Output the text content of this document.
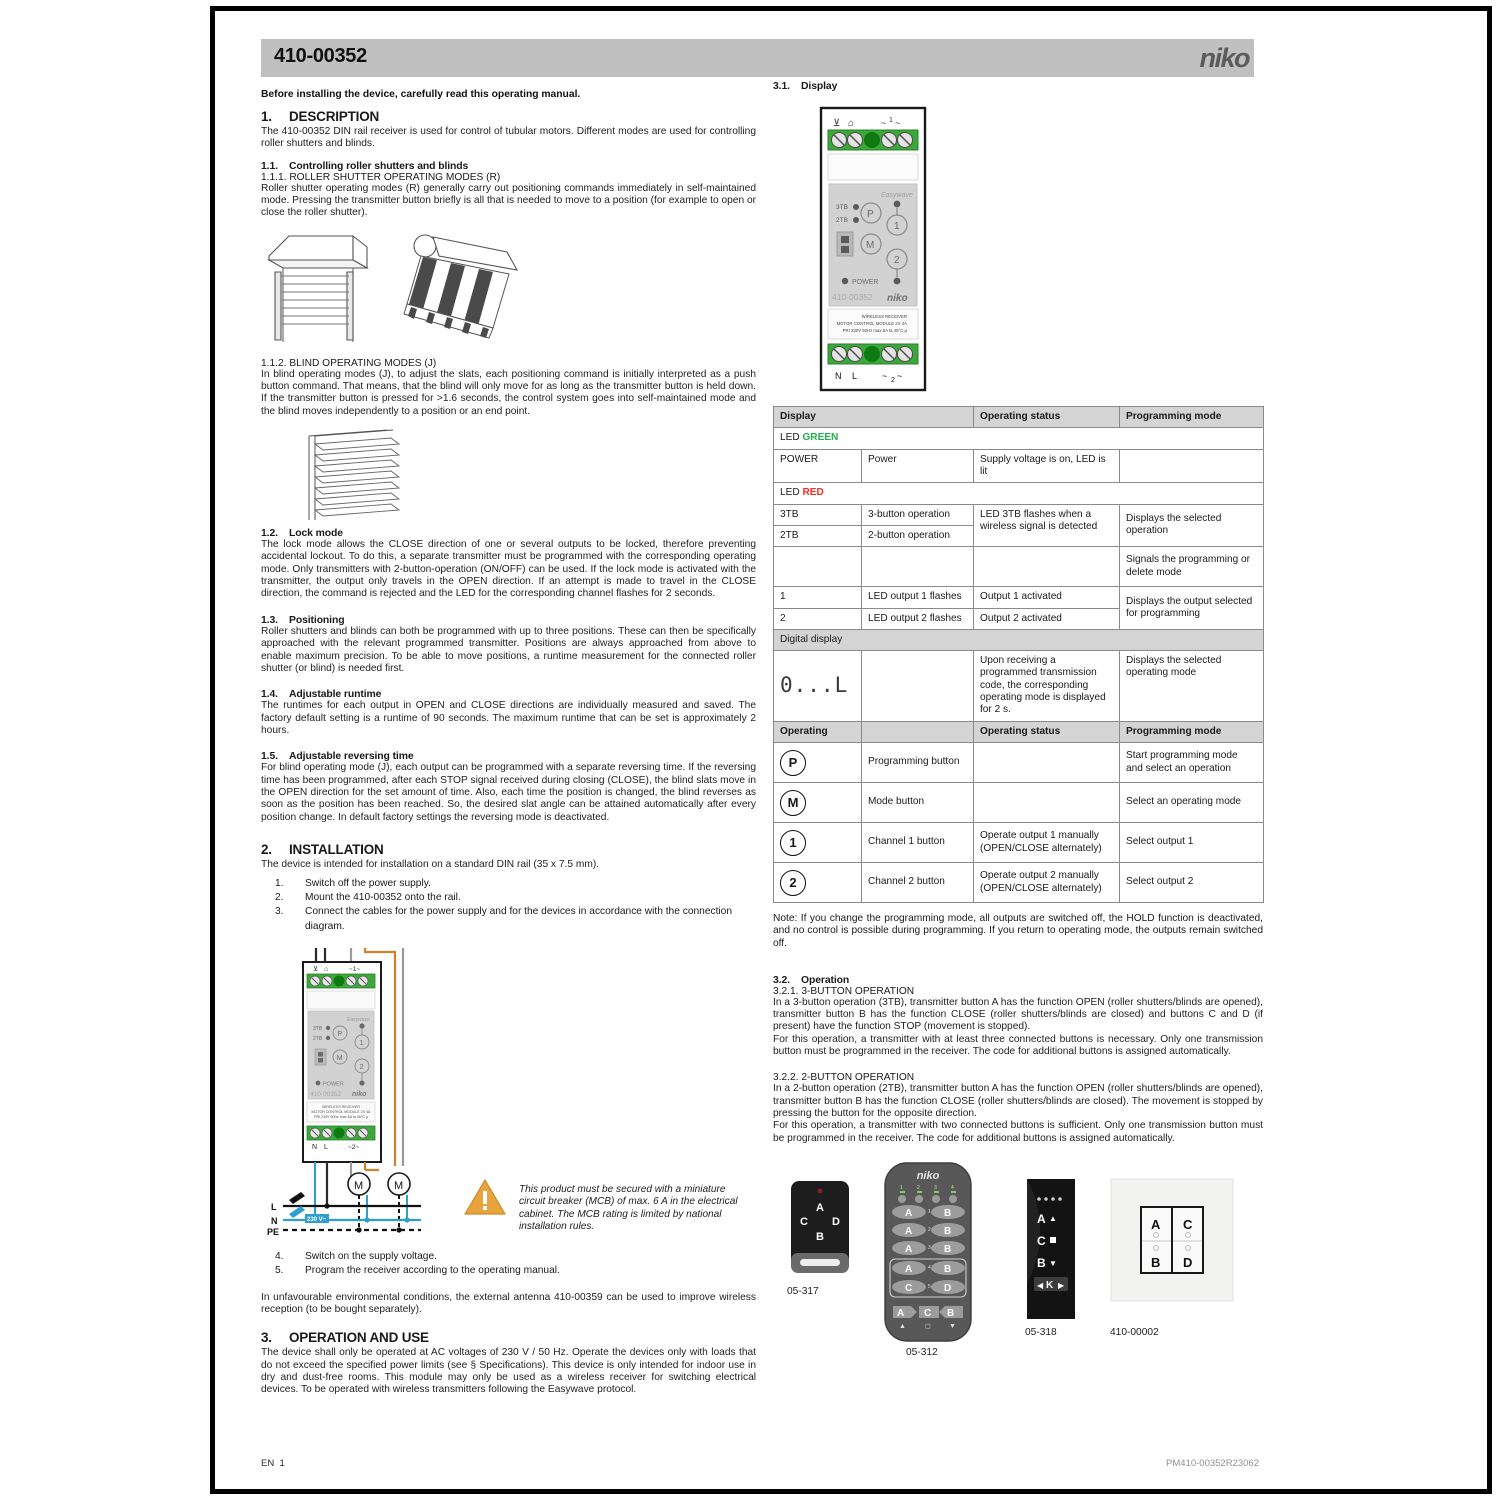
410-00352	niko
Before installing the device, carefully read this operating manual.
1. DESCRIPTION

The 410-00352 DIN rail receiver is used for control of tubular motors. Different modes are used for controlling roller shutters and blinds.

1.1. Controlling roller shutters and blinds

1.1.1. ROLLER SHUTTER OPERATING MODES (R)

Roller shutter operating modes (R) generally carry out positioning commands immediately in self-maintained mode. Pressing the transmitter button briefly is all that is needed to move to a position (for example to open or close the roller shutter).

1.1.2. BLIND OPERATING MODES (J)

In blind operating modes (J), to adjust the slats, each positioning command is initially interpreted as a push button command. That means, that the blind will only move for as long as the transmitter button is held down. If the transmitter button is pressed for >1.6 seconds, the control system goes into self-maintained mode and the blind moves independently to a position or an end point.

1.2. Lock mode

The lock mode allows the CLOSE direction of one or several outputs to be locked, therefore preventing accidental lockout. To do this, a separate transmitter must be programmed with the corresponding operating mode. Only transmitters with 2-button-operation (ON/OFF) can be used. If the lock mode is activated with the transmitter, the output only travels in the OPEN direction. If an attempt is made to travel in the CLOSE direction, the command is rejected and the LED for the corresponding channel flashes for 2 seconds.

1.3. Positioning

Roller shutters and blinds can both be programmed with up to three positions. These can then be specifically approached with the relevant programmed transmitter. Positions are always approached from above to enable maximum precision. To be able to move positions, a runtime measurement for the connected roller shutter (or blind) is needed first.

1.4. Adjustable runtime

The runtimes for each output in OPEN and CLOSE directions are individually measured and saved. The factory default setting is a runtime of 90 seconds. The maximum runtime that can be set is approximately 2 hours.

1.5. Adjustable reversing time

For blind operating mode (J), each output can be programmed with a separate reversing time. If the reversing time has been programmed, after each STOP signal received during closing (CLOSE), the blind slats move in the OPEN direction for the set amount of time. Also, each time the position is changed, the blind reverses as soon as the position has been reached. So, the desired slat angle can be attained automatically after every position change. In default factory settings the reversing mode is deactivated.

2. INSTALLATION

The device is intended for installation on a standard DIN rail (35 x 7.5 mm).

1.	Switch off the power supply.
2.	Mount the 410-00352 onto the rail.
3.	Connect the cables for the power supply and for the devices in accordance with the connection diagram.
⊻ ⌂	~1~
Easywave
3TB
2TB
P
1
M
2
POWER
410-00352 niko
WIRELESS RECEIVER
MOTOR CONTROL MODULE 2X 4A
PRI 230V 50Hz max 6A ta 45°C µ
N L	~2~
M	M
L
N
PE
230 V~
This product must be secured with a miniature circuit breaker (MCB) of max. 6 A in the electrical cabinet. The MCB rating is limited by national installation rules.
4.	Switch on the supply voltage.
5.	Program the receiver according to the operating manual.

In unfavourable environmental conditions, the external antenna 410-00359 can be used to improve wireless reception (to be bought separately).

3. OPERATION AND USE

The device shall only be operated at AC voltages of 230 V / 50 Hz. Operate the devices only with loads that do not exceed the specified power limits (see § Specifications). This device is only intended for indoor use in dry and dust-free rooms. This module may only be used as a wireless receiver for switching electrical devices. To be operated with wireless transmitters following the Easywave protocol.

3.1. Display
⊻ ⌂	~ 1 ~
Easywave
3TB
2TB
P
1
M
2
POWER
410-00352 niko
WIRELESS RECEIVER
MOTOR CONTROL MODULE 2X 4A
PRI 230V 50Hz max 6A ta 45°C µ
N L	~ 2 ~
Display		Operating status	Programming mode
LED GREEN			
POWER	Power	Supply voltage is on, LED is lit	
LED RED			
3TB	3-button operation	LED 3TB flashes when a wireless signal is detected	Displays the selected operation
2TB	2-button operation		
			Signals the programming or delete mode
1	LED output 1 flashes	Output 1 activated	Displays the output selected for programming
2	LED output 2 flashes	Output 2 activated	
Digital display			
0...L		Upon receiving a programmed transmission code, the corresponding operating mode is displayed for 2 s.	Displays the selected operating mode
Operating		Operating status	Programming mode
P	Programming button		Start programming mode and select an operation
M	Mode button		Select an operating mode
1	Channel 1 button	Operate output 1 manually (OPEN/CLOSE alternately)	Select output 1
2	Channel 2 button	Operate output 2 manually (OPEN/CLOSE alternately)	Select output 2

Note: If you change the programming mode, all outputs are switched off, the HOLD function is deactivated, and no control is possible during programming. If you return to operating mode, the outputs remain switched off.

3.2. Operation

3.2.1. 3-BUTTON OPERATION

In a 3-button operation (3TB), transmitter button A has the function OPEN (roller shutters/blinds are opened), transmitter button B has the function CLOSE (roller shutters/blinds are closed) and buttons C and D (if present) have the function STOP (movement is stopped).

For this operation, a transmitter with at least three connected buttons is necessary. Only one transmission button must be programmed in the receiver. The code for additional buttons is assigned automatically.

3.2.2. 2-BUTTON OPERATION

In a 2-button operation (2TB), transmitter button A has the function OPEN (roller shutters/blinds are opened), transmitter button B has the function CLOSE (roller shutters/blinds are closed). The movement is stopped by pressing the button for the opposite direction.

For this operation, a transmitter with two connected buttons is sufficient. Only one transmission button must be programmed in the receiver. The code for additional buttons is assigned automatically.

A
C D
B
niko
1	2	3	4
A	B
1
A	B
2
A	B
3
A	B
4
C	D
5
A C B
▲	◻	▼
A ▲
C
B ▼
◀ K ▶
A C
B D
05-317
05-312
05-318	410-00002
EN 1	PM410-00352R23062
